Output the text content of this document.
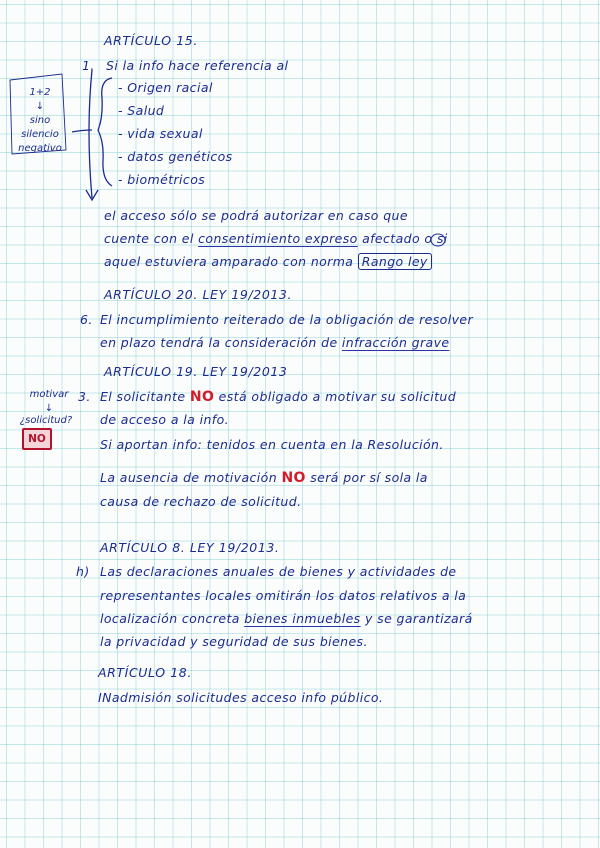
ARTÍCULO 15.
1. Si la info hace referencia al
- Origen racial
- Salud
- vida sexual
- datos genéticos
- biométricos
1+2
↓
sino
silencio
negativo
el acceso sólo se podrá autorizar en caso que
cuente con el consentimiento expreso afectado o si
aquel estuviera amparado con norma Rango ley
ARTÍCULO 20. LEY 19/2013.
6. El incumplimiento reiterado de la obligación de resolver
en plazo tendrá la consideración de infracción grave
ARTÍCULO 19. LEY 19/2013
motivar
↓
¿solicitud?
NO
3. El solicitante NO está obligado a motivar su solicitud
de acceso a la info.
Si aportan info: tenidos en cuenta en la Resolución.
La ausencia de motivación NO será por sí sola la
causa de rechazo de solicitud.
ARTÍCULO 8. LEY 19/2013.
h) Las declaraciones anuales de bienes y actividades de
representantes locales omitirán los datos relativos a la
localización concreta bienes inmuebles y se garantizará
la privacidad y seguridad de sus bienes.
ARTÍCULO 18.
INadmisión solicitudes acceso info público.
